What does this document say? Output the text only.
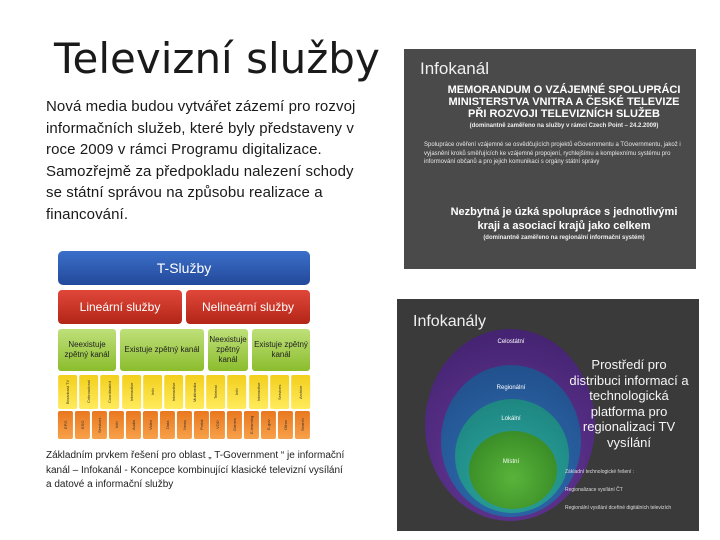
Televizní služby
Nová media budou vytvářet zázemí pro rozvoj informačních služeb, které byly představeny v roce 2009 v rámci Programu digitalizace. Samozřejmě za předpokladu nalezení schody se státní správou na způsobu realizace a financování.
T-Služby
Lineární služby	Nelineární služby
Neexistuje zpětný kanál
Existuje zpětný kanál
Neexistuje zpětný kanál
Existuje zpětný kanál
Broadcast TV	Cobroadcast	Coordinated	Interactive	Info	Interactive	Multimedia	Teletext	Info	Interactive	Services	Archive
EPG	ESG	Services	Info	Audio	Video	Data	News	Portal	VOD	Games	E-learning	E-gov	Other	Search
Základním prvkem řešení pro oblast „ T-Government “ je informační kanál – Infokanál - Koncepce kombinující klasické televizní vysílání a datové a informační služby
Infokanál
MEMORANDUM O VZÁJEMNÉ SPOLUPRÁCI MINISTERSTVA VNITRA A ČESKÉ TELEVIZE PŘI ROZVOJI TELEVIZNÍCH SLUŽEB
(dominantně zaměřeno na služby v rámci Czech Point – 24.2.2009)
Spolupráce ověření vzájemné se osvědčujících projektů eGovernmentu a TGovernmentu, jakož i vyjasnění kroků směřujících ke vzájemné propojení, rychlejšímu a komplexnímu systému pro informování občanů a pro jejich komunikaci s orgány státní správy
Nezbytná je úzká spolupráce s jednotlivými kraji a asociací krajů jako celkem
(dominantně zaměřeno na regionální informační systém)
Infokanály
Celostátní
Regionální
Lokální
Místní
Prostředí pro distribuci informací a technologická platforma pro regionalizaci TV vysílání
Základní technologické řešení :
Regionalizace vysílání ČT
Regionální vysílání dceřiné digitálních televizích
